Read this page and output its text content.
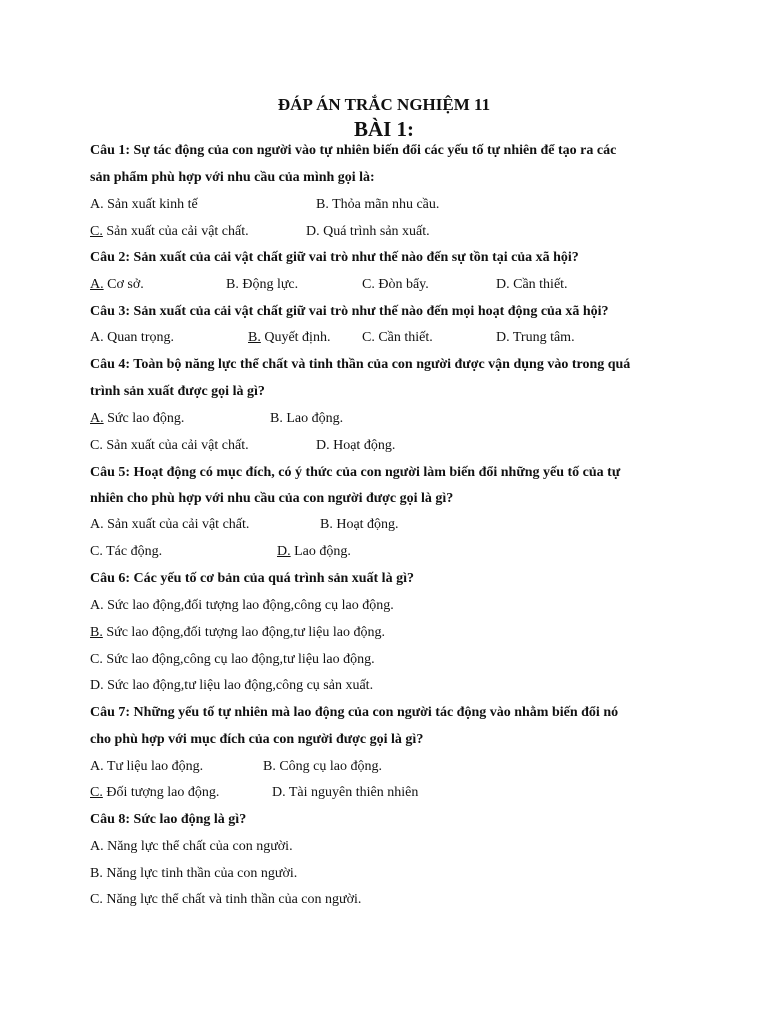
ĐÁP ÁN TRẮC NGHIỆM 11
BÀI 1:
Câu 1: Sự tác động của con người vào tự nhiên biến đổi các yếu tố tự nhiên để tạo ra các
sản phẩm phù hợp với nhu cầu của mình gọi là:
A. Sản xuất kinh tế	B. Thỏa mãn nhu cầu.
C. Sản xuất của cải vật chất.	D. Quá trình sản xuất.
Câu 2: Sản xuất của cải vật chất giữ vai trò như thế nào đến sự tồn tại của xã hội?
A. Cơ sở.	B. Động lực.	C. Đòn bẩy.	D. Cần thiết.
Câu 3: Sản xuất của cải vật chất giữ vai trò như thế nào đến mọi hoạt động của xã hội?
A. Quan trọng.	B. Quyết định. C. Cần thiết.	D. Trung tâm.
Câu 4: Toàn bộ năng lực thể chất và tinh thần của con người được vận dụng vào trong quá
trình sản xuất được gọi là gì?
A. Sức lao động.	B. Lao động.
C. Sản xuất của cải vật chất.	D. Hoạt động.
Câu 5: Hoạt động có mục đích, có ý thức của con người làm biến đổi những yếu tố của tự
nhiên cho phù hợp với nhu cầu của con người được gọi là gì?
A. Sản xuất của cải vật chất.	B. Hoạt động.
C. Tác động.	D. Lao động.
Câu 6: Các yếu tố cơ bản của quá trình sản xuất là gì?
A. Sức lao động,đối tượng lao động,công cụ lao động.
B. Sức lao động,đối tượng lao động,tư liệu lao động.
C. Sức lao động,công cụ lao động,tư liệu lao động.
D. Sức lao động,tư liệu lao động,công cụ sản xuất.
Câu 7: Những yếu tố tự nhiên mà lao động của con người tác động vào nhằm biến đổi nó
cho phù hợp với mục đích của con người được gọi là gì?
A. Tư liệu lao động.	B. Công cụ lao động.
C. Đối tượng lao động.	D. Tài nguyên thiên nhiên
Câu 8: Sức lao động là gì?
A. Năng lực thể chất của con người.
B. Năng lực tinh thần của con người.
C. Năng lực thể chất và tinh thần của con người.
